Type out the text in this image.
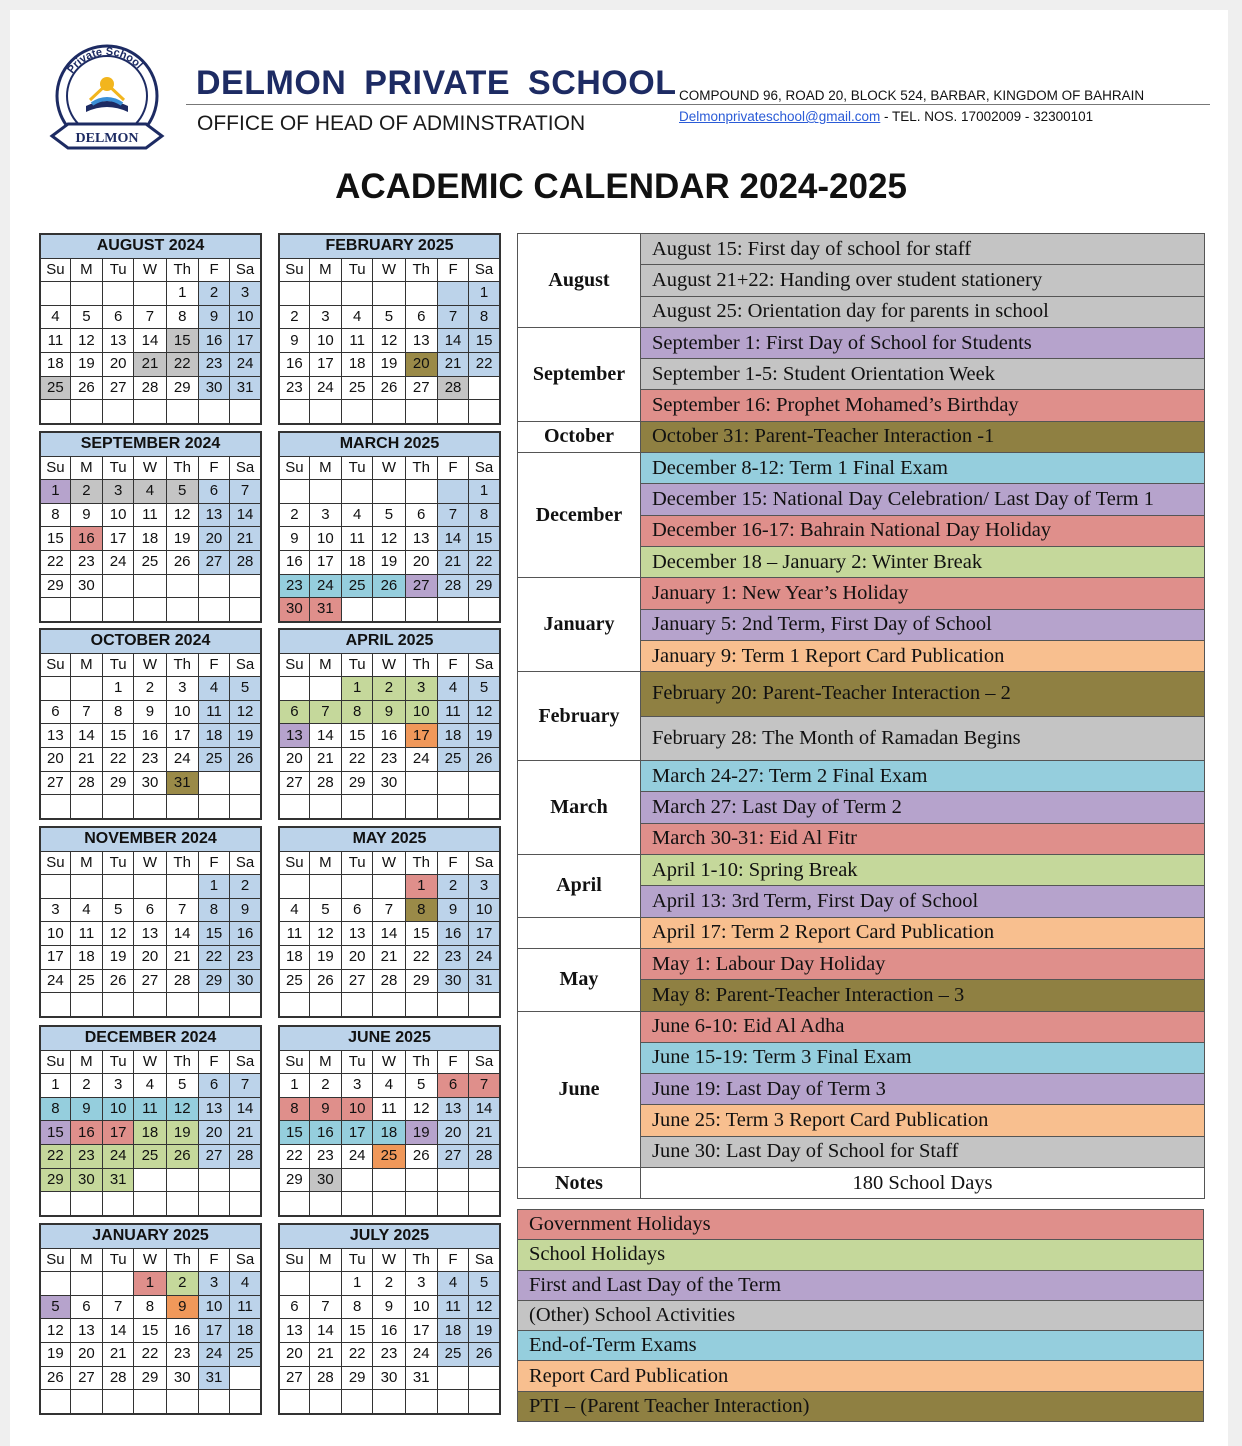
Private School
DELMON
DELMON PRIVATE SCHOOL
OFFICE OF HEAD OF ADMINSTRATION
COMPOUND 96, ROAD 20, BLOCK 524, BARBAR, KINGDOM OF BAHRAIN
Delmonprivateschool@gmail.com - TEL. NOS. 17002009 - 32300101
ACADEMIC CALENDAR 2024-2025
August	August 15: First day of school for staff
	August 21+22: Handing over student stationery
	August 25: Orientation day for parents in school
September	September 1: First Day of School for Students
	September 1-5: Student Orientation Week
	September 16: Prophet Mohamed’s Birthday
October	October 31: Parent-Teacher Interaction -1
December	December 8-12: Term 1 Final Exam
	December 15: National Day Celebration/ Last Day of Term 1
	December 16-17: Bahrain National Day Holiday
	December 18 – January 2: Winter Break
January	January 1: New Year’s Holiday
	January 5: 2nd Term, First Day of School
	January 9: Term 1 Report Card Publication
February	February 20: Parent-Teacher Interaction – 2
	February 28: The Month of Ramadan Begins
March	March 24-27: Term 2 Final Exam
	March 27: Last Day of Term 2
	March 30-31: Eid Al Fitr
April	April 1-10: Spring Break
	April 13: 3rd Term, First Day of School
	April 17: Term 2 Report Card Publication
May	May 1: Labour Day Holiday
	May 8: Parent-Teacher Interaction – 3
June	June 6-10: Eid Al Adha
	June 15-19: Term 3 Final Exam
	June 19: Last Day of Term 3
	June 25: Term 3 Report Card Publication
	June 30: Last Day of School for Staff
Notes	180 School Days
Government Holidays
School Holidays
First and Last Day of the Term
(Other) School Activities
End-of-Term Exams
Report Card Publication
PTI – (Parent Teacher Interaction)
AUGUST 2024						
Su	M	Tu	W	Th	F	Sa
				1	2	3
4	5	6	7	8	9	10
11	12	13	14	15	16	17
18	19	20	21	22	23	24
25	26	27	28	29	30	31

SEPTEMBER 2024						
Su	M	Tu	W	Th	F	Sa
1	2	3	4	5	6	7
8	9	10	11	12	13	14
15	16	17	18	19	20	21
22	23	24	25	26	27	28
29	30					

OCTOBER 2024						
Su	M	Tu	W	Th	F	Sa
		1	2	3	4	5
6	7	8	9	10	11	12
13	14	15	16	17	18	19
20	21	22	23	24	25	26
27	28	29	30	31		

NOVEMBER 2024						
Su	M	Tu	W	Th	F	Sa
					1	2
3	4	5	6	7	8	9
10	11	12	13	14	15	16
17	18	19	20	21	22	23
24	25	26	27	28	29	30

DECEMBER 2024						
Su	M	Tu	W	Th	F	Sa
1	2	3	4	5	6	7
8	9	10	11	12	13	14
15	16	17	18	19	20	21
22	23	24	25	26	27	28
29	30	31				

JANUARY 2025						
Su	M	Tu	W	Th	F	Sa
			1	2	3	4
5	6	7	8	9	10	11
12	13	14	15	16	17	18
19	20	21	22	23	24	25
26	27	28	29	30	31	

FEBRUARY 2025						
Su	M	Tu	W	Th	F	Sa
						1
2	3	4	5	6	7	8
9	10	11	12	13	14	15
16	17	18	19	20	21	22
23	24	25	26	27	28	

MARCH 2025						
Su	M	Tu	W	Th	F	Sa
						1
2	3	4	5	6	7	8
9	10	11	12	13	14	15
16	17	18	19	20	21	22
23	24	25	26	27	28	29
30	31					
APRIL 2025						
Su	M	Tu	W	Th	F	Sa
		1	2	3	4	5
6	7	8	9	10	11	12
13	14	15	16	17	18	19
20	21	22	23	24	25	26
27	28	29	30			

MAY 2025						
Su	M	Tu	W	Th	F	Sa
				1	2	3
4	5	6	7	8	9	10
11	12	13	14	15	16	17
18	19	20	21	22	23	24
25	26	27	28	29	30	31

JUNE 2025						
Su	M	Tu	W	Th	F	Sa
1	2	3	4	5	6	7
8	9	10	11	12	13	14
15	16	17	18	19	20	21
22	23	24	25	26	27	28
29	30					

JULY 2025						
Su	M	Tu	W	Th	F	Sa
		1	2	3	4	5
6	7	8	9	10	11	12
13	14	15	16	17	18	19
20	21	22	23	24	25	26
27	28	29	30	31		
